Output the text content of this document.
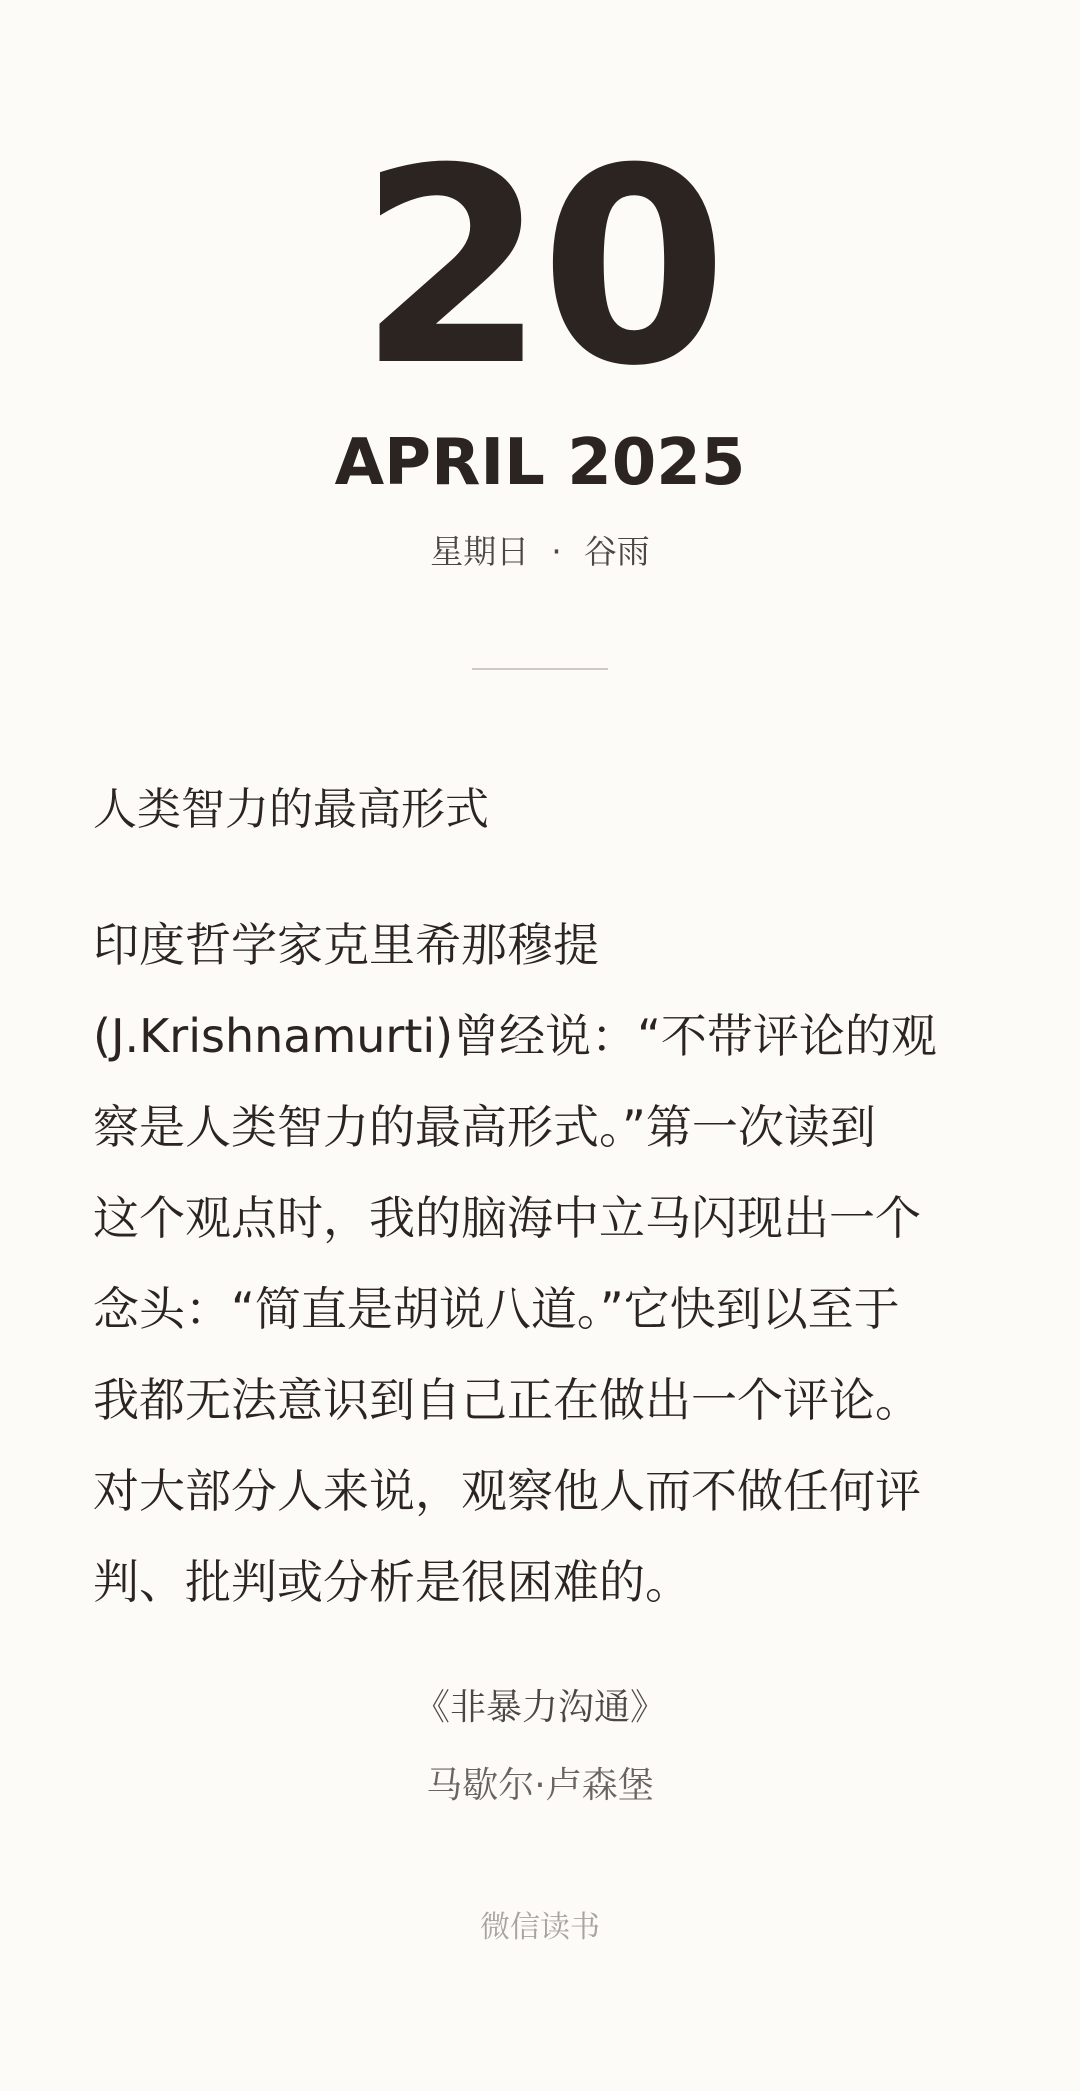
20
APRIL 2025
星期日 · 谷雨
人类智力的最高形式
印度哲学家克里希那穆提
(J.Krishnamurti)曾经说：“不带评论的观
察是人类智力的最高形式。”第一次读到
这个观点时，我的脑海中立马闪现出一个
念头：“简直是胡说八道。”它快到以至于
我都无法意识到自己正在做出一个评论。
对大部分人来说，观察他人而不做任何评
判、批判或分析是很困难的。
《非暴力沟通》
马歇尔·卢森堡
微信读书
